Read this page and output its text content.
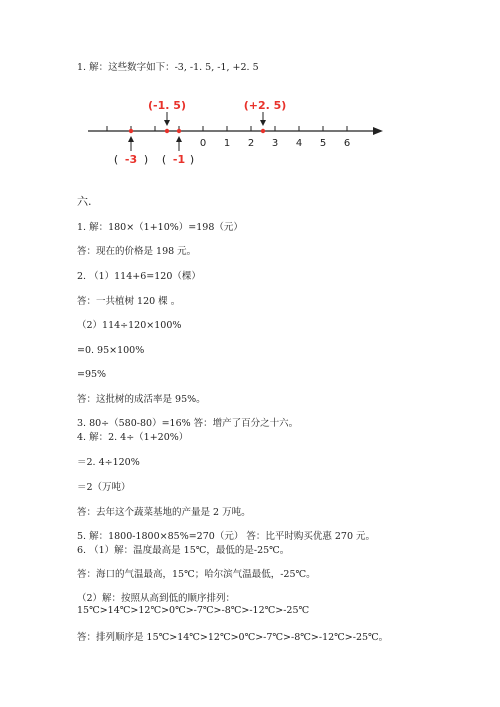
1. 解：这些数字如下：-3, -1. 5, -1, +2. 5
0 1 2 3 4 5 6
(-1. 5)	(+2. 5)
( -3 ) ( -1 )
六.
1. 解：180×（1+10%）=198（元）
答：现在的价格是 198 元。
2. （1）114+6=120（棵）
答：一共植树 120 棵 。
（2）114÷120×100%
=0. 95×100%
=95%
答：这批树的成活率是 95%。
3. 80÷（580-80）=16% 答：增产了百分之十六。
4. 解：2. 4÷（1+20%）
＝2. 4÷120%
＝2（万吨）
答：去年这个蔬菜基地的产量是 2 万吨。
5. 解：1800-1800×85%=270（元） 答：比平时购买优惠 270 元。
6. （1）解：温度最高是 15℃，最低的是-25℃。
答：海口的气温最高，15℃；哈尔滨气温最低，-25℃。
（2）解：按照从高到低的顺序排列：15℃>14℃>12℃>0℃>-7℃>-8℃>-12℃>-25℃
答：排列顺序是 15℃>14℃>12℃>0℃>-7℃>-8℃>-12℃>-25℃。
